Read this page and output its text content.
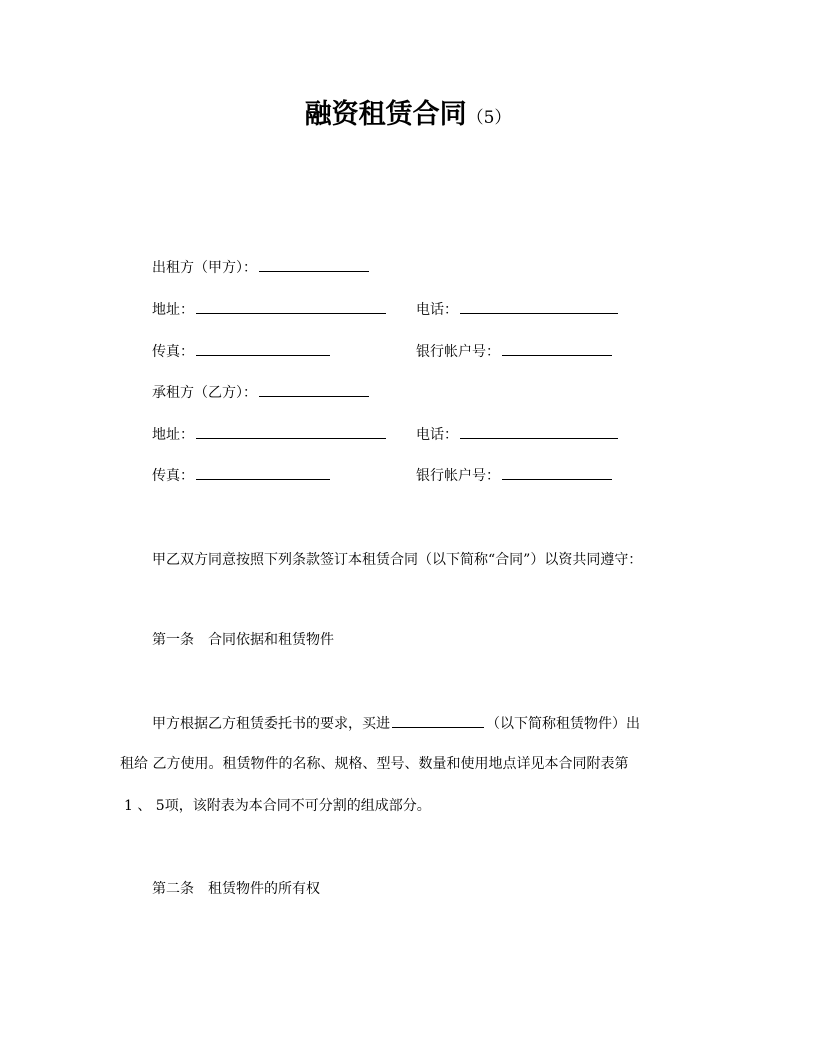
融资租赁合同（5）
出租方（甲方）：
地址：	电话：
传真：	银行帐户号：
承租方（乙方）：
地址：	电话：
传真：	银行帐户号：
甲乙双方同意按照下列条款签订本租赁合同（以下简称“合同”）以资共同遵守：
第一条　合同依据和租赁物件
甲方根据乙方租赁委托书的要求，买进	（以下简称租赁物件）出
租给 乙方使用。租赁物件的名称、规格、型号、数量和使用地点详见本合同附表第
1 、 5项，该附表为本合同不可分割的组成部分。
第二条　租赁物件的所有权
